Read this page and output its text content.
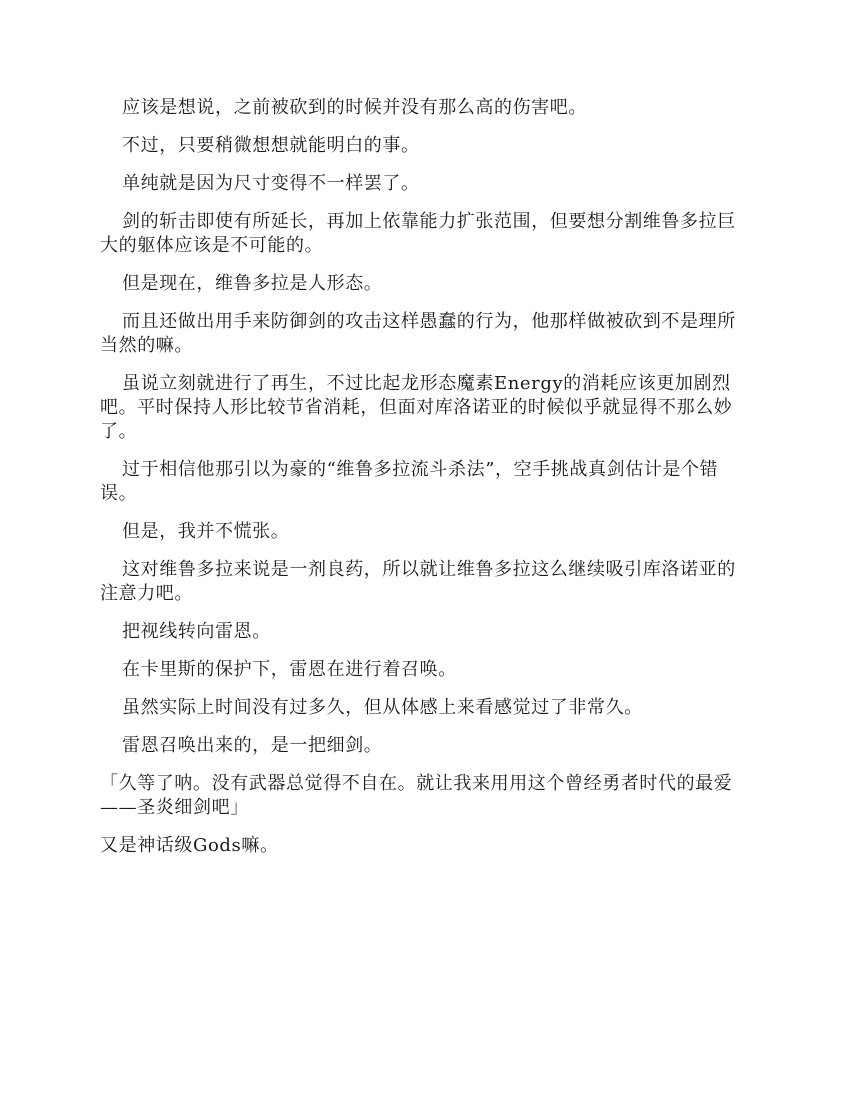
应该是想说，之前被砍到的时候并没有那么高的伤害吧。

不过，只要稍微想想就能明白的事。

单纯就是因为尺寸变得不一样罢了。

剑的斩击即使有所延长，再加上依靠能力扩张范围，但要想分割维鲁多拉巨大的躯体应该是不可能的。

但是现在，维鲁多拉是人形态。

而且还做出用手来防御剑的攻击这样愚蠢的行为，他那样做被砍到不是理所当然的嘛。

虽说立刻就进行了再生，不过比起龙形态魔素Energy的消耗应该更加剧烈吧。平时保持人形比较节省消耗，但面对库洛诺亚的时候似乎就显得不那么妙了。

过于相信他那引以为豪的“维鲁多拉流斗杀法”，空手挑战真剑估计是个错误。

但是，我并不慌张。

这对维鲁多拉来说是一剂良药，所以就让维鲁多拉这么继续吸引库洛诺亚的注意力吧。

把视线转向雷恩。

在卡里斯的保护下，雷恩在进行着召唤。

虽然实际上时间没有过多久，但从体感上来看感觉过了非常久。

雷恩召唤出来的，是一把细剑。

「久等了呐。没有武器总觉得不自在。就让我来用用这个曾经勇者时代的最爱——圣炎细剑吧」

又是神话级Gods嘛。
